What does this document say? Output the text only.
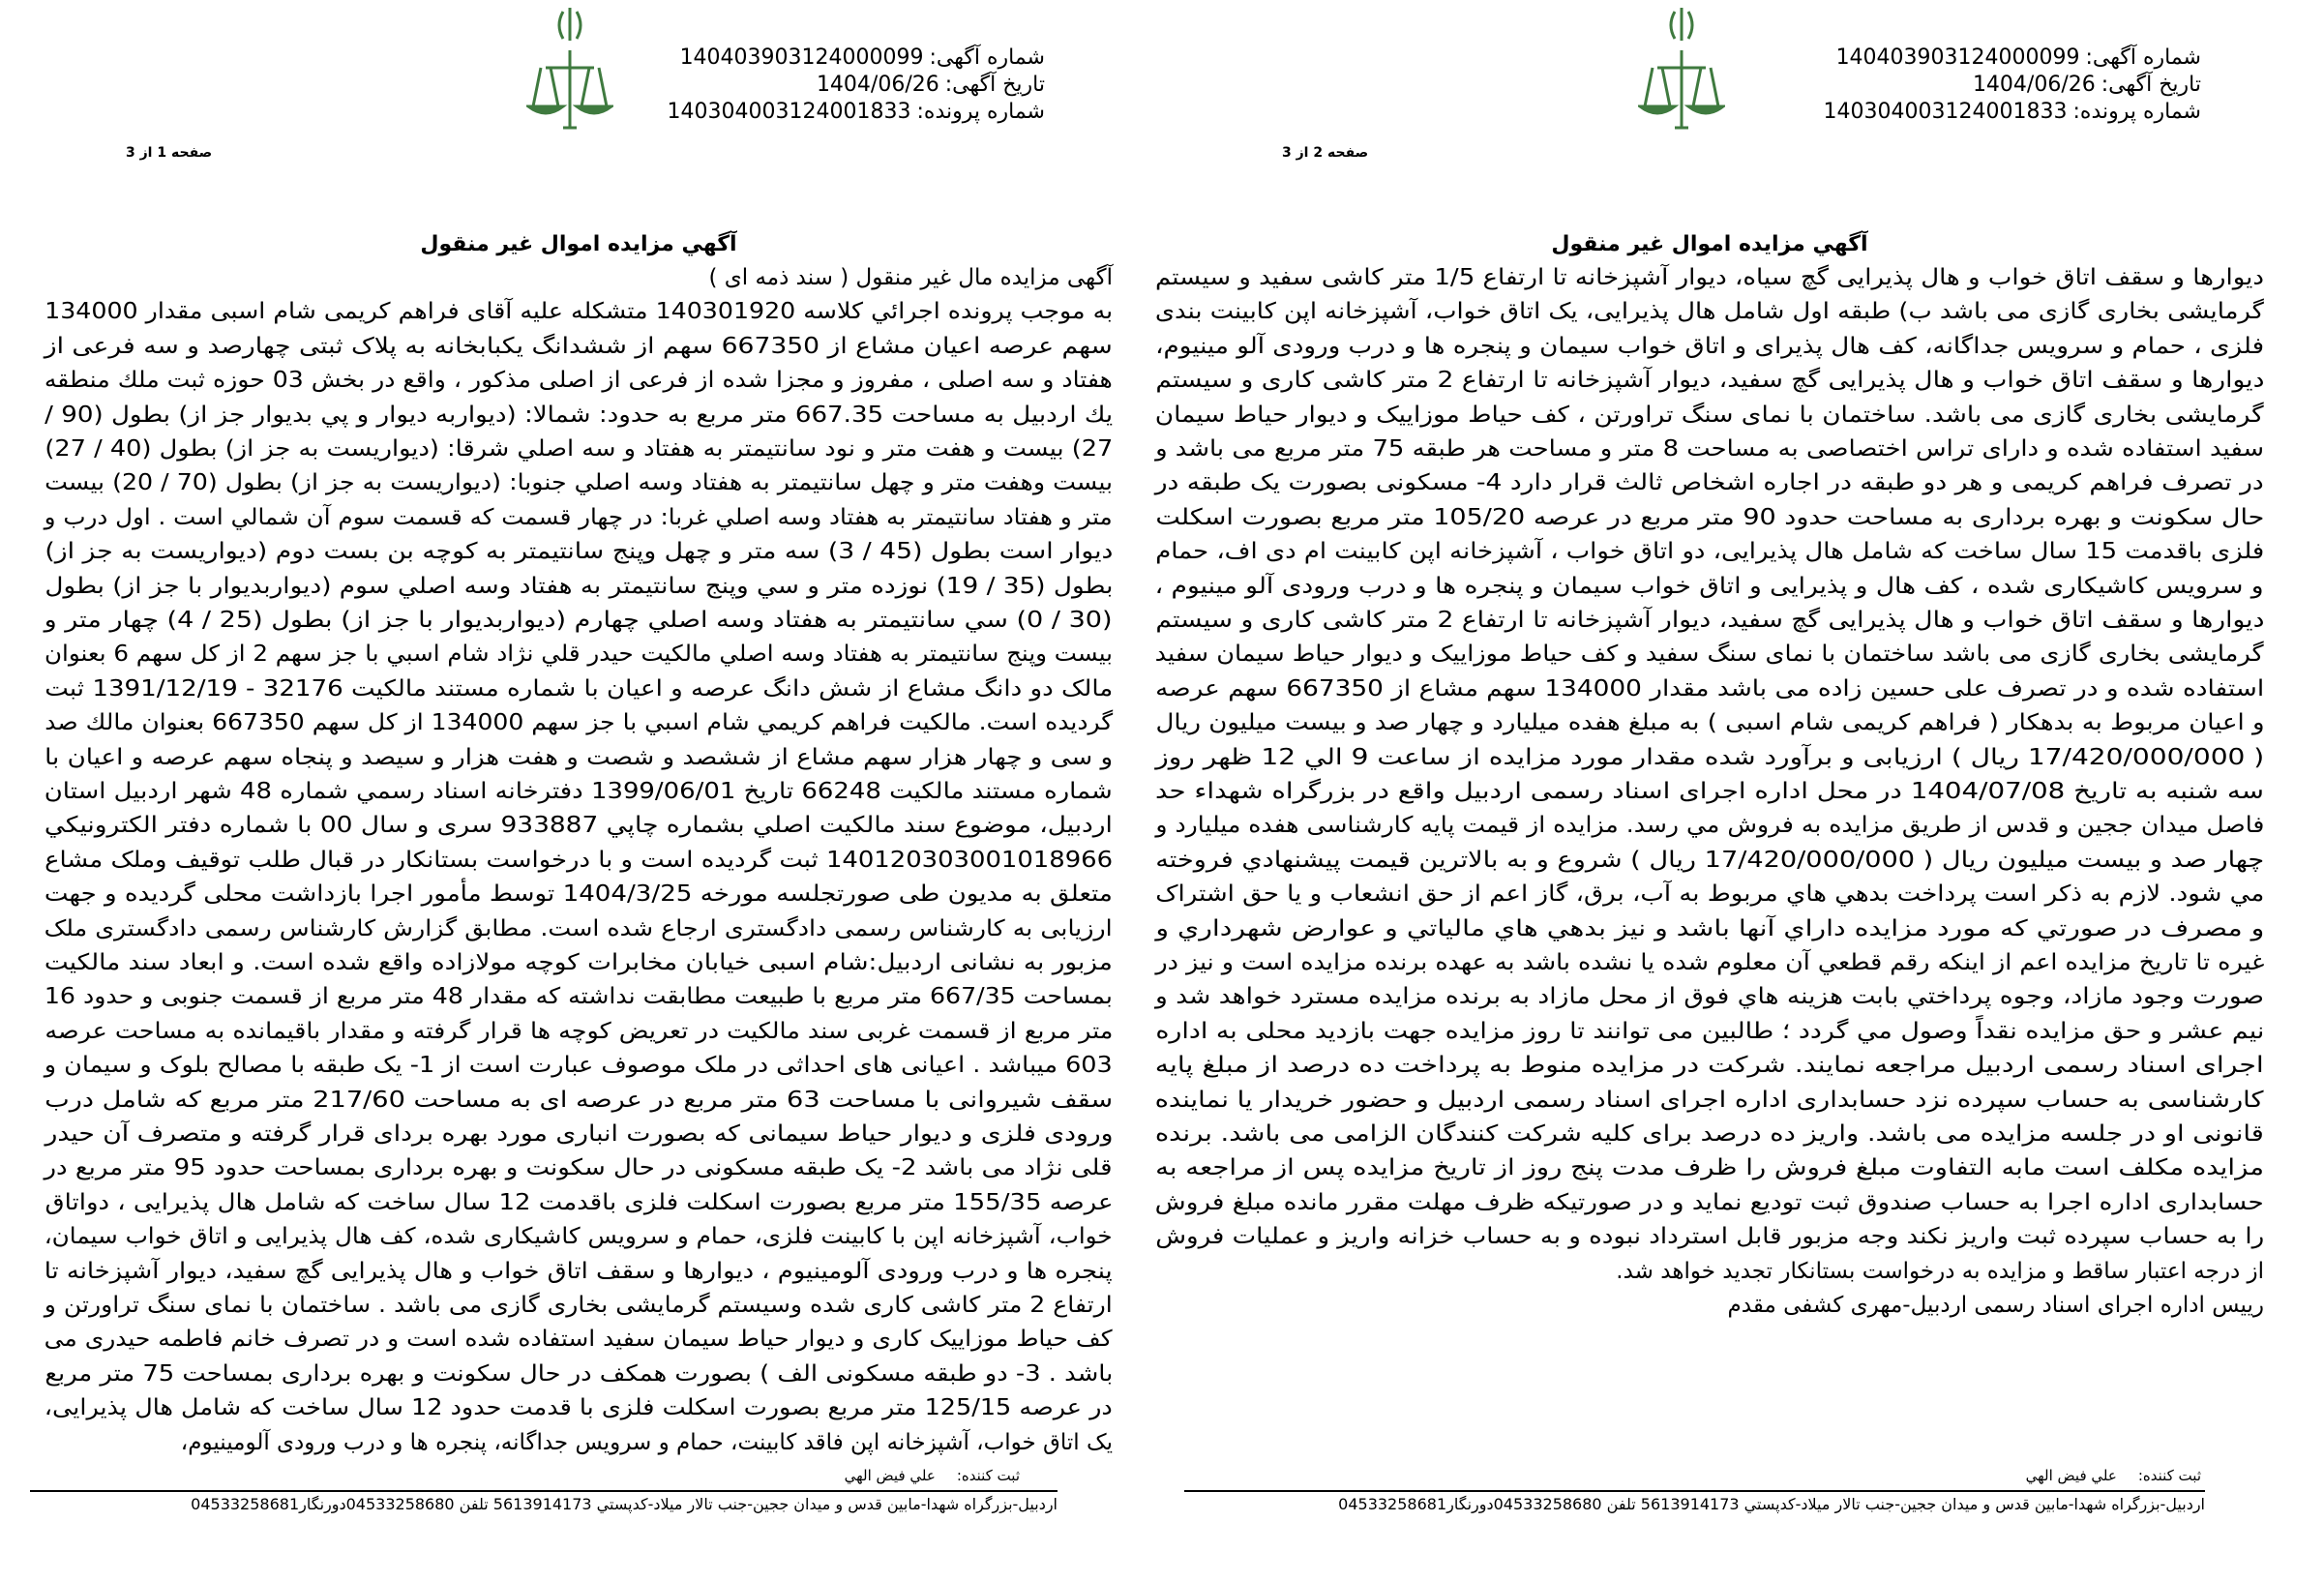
شماره آگهی:140403903124000099
تاریخ آگهی:1404/06/26
شماره پرونده:140304003124001833
صفحه 1 از 3
آگهي مزايده اموال غير منقول
آگهی مزایده مال غیر منقول ( سند ذمه ای )
به موجب پرونده اجرائي کلاسه 140301920 متشکله علیه آقای فراهم کریمی شام اسبی مقدار 134000
سهم عرصه اعیان مشاع از 667350 سهم از ششدانگ یکبابخانه به پلاک ثبتی چهارصد و سه فرعی از
هفتاد و سه اصلی ، مفروز و مجزا شده از فرعی از اصلی مذکور ، واقع در بخش 03 حوزه ثبت ملك منطقه
يك اردبيل به مساحت 667.35 متر مربع به حدود: شمالا: (ديواربه ديوار و پي بديوار جز از) بطول (90 /
27) بيست و هفت متر و نود سانتيمتر به هفتاد و سه اصلي شرقا: (ديواريست به جز از) بطول (40 / 27)
بيست وهفت متر و چهل سانتيمتر به هفتاد وسه اصلي جنوبا: (ديواريست به جز از) بطول (70 / 20) بيست
متر و هفتاد سانتيمتر به هفتاد وسه اصلي غربا: در چهار قسمت كه قسمت سوم آن شمالي است . اول درب و
ديوار است بطول (45 / 3) سه متر و چهل وپنج سانتيمتر به كوچه بن بست دوم (ديواريست به جز از)
بطول (35 / 19) نوزده متر و سي وپنج سانتيمتر به هفتاد وسه اصلي سوم (ديواربديوار با جز از) بطول
(30 / 0) سي سانتيمتر به هفتاد وسه اصلي چهارم (ديواربديوار با جز از) بطول (25 / 4) چهار متر و
بيست وپنج سانتيمتر به هفتاد وسه اصلي مالكيت حيدر قلي نژاد شام اسبي با جز سهم 2 از كل سهم 6 بعنوان
مالک دو دانگ مشاع از شش دانگ عرصه و اعیان با شماره مستند مالکیت 32176 - 1391/12/19 ثبت
گرديده است. مالكيت فراهم كريمي شام اسبي با جز سهم 134000 از كل سهم 667350 بعنوان مالك صد
و سی و چهار هزار سهم مشاع از ششصد و شصت و هفت هزار و سیصد و پنجاه سهم عرصه و اعیان با
شماره مستند مالكيت 66248 تاريخ 1399/06/01 دفترخانه اسناد رسمي شماره 48 شهر اردبيل استان
اردبيل، موضوع سند مالكيت اصلي بشماره چاپي 933887 سری و سال 00 با شماره دفتر الكترونيكي
140120303001018966 ثبت گرديده است و با درخواست بستانكار در قبال طلب توقيف وملک مشاع
متعلق به مدیون طی صورتجلسه مورخه 1404/3/25 توسط مأمور اجرا بازداشت محلی گردیده و جهت
ارزیابی به کارشناس رسمی دادگستری ارجاع شده است. مطابق گزارش کارشناس رسمی دادگستری ملک
مزبور به نشانی اردبیل:شام اسبی خیابان مخابرات کوچه مولازاده واقع شده است. و ابعاد سند مالکیت
بمساحت 667/35 متر مربع با طبیعت مطابقت نداشته که مقدار 48 متر مربع از قسمت جنوبی و حدود 16
متر مربع از قسمت غربی سند مالکیت در تعریض کوچه ها قرار گرفته و مقدار باقیمانده به مساحت عرصه
603 میباشد . اعیانی های احداثی در ملک موصوف عبارت است از 1- یک طبقه با مصالح بلوک و سیمان و
سقف شیروانی با مساحت 63 متر مربع در عرصه ای به مساحت 217/60 متر مربع که شامل درب
ورودی فلزی و دیوار حیاط سیمانی که بصورت انباری مورد بهره بردای قرار گرفته و متصرف آن حیدر
قلی نژاد می باشد 2- یک طبقه مسکونی در حال سکونت و بهره برداری بمساحت حدود 95 متر مربع در
عرصه 155/35 متر مربع بصورت اسکلت فلزی باقدمت 12 سال ساخت که شامل هال پذیرایی ، دواتاق
خواب، آشپزخانه اپن با کابینت فلزی، حمام و سرویس کاشیکاری شده، کف هال پذیرایی و اتاق خواب سیمان،
پنجره ها و درب ورودی آلومینیوم ، دیوارها و سقف اتاق خواب و هال پذیرایی گچ سفید، دیوار آشپزخانه تا
ارتفاع 2 متر کاشی کاری شده وسیستم گرمایشی بخاری گازی می باشد . ساختمان با نمای سنگ تراورتن و
کف حیاط موزاییک کاری و دیوار حیاط سیمان سفید استفاده شده است و در تصرف خانم فاطمه حیدری می
باشد . 3- دو طبقه مسکونی الف ) بصورت همکف در حال سکونت و بهره برداری بمساحت 75 متر مربع
در عرصه 125/15 متر مربع بصورت اسکلت فلزی با قدمت حدود 12 سال ساخت که شامل هال پذیرایی،
یک اتاق خواب، آشپزخانه اپن فاقد کابینت، حمام و سرویس جداگانه، پنجره ها و درب ورودی آلومینیوم،
ثبت کننده:علي فيض الهي
اردبيل-بزرگراه شهدا-مابين قدس و ميدان ججين-جنب تالار ميلاد-كدپستي 5613914173 تلفن 04533258680دورنگار04533258681
شماره آگهی:140403903124000099
تاریخ آگهی:1404/06/26
شماره پرونده:140304003124001833
صفحه 2 از 3
آگهي مزايده اموال غير منقول
دیوارها و سقف اتاق خواب و هال پذیرایی گچ سیاه، دیوار آشپزخانه تا ارتفاع 1/5 متر کاشی سفید و سیستم
گرمایشی بخاری گازی می باشد ب) طبقه اول شامل هال پذیرایی، یک اتاق خواب، آشپزخانه اپن کابینت بندی
فلزی ، حمام و سرویس جداگانه، کف هال پذیرای و اتاق خواب سیمان و پنجره ها و درب ورودی آلو مینیوم،
دیوارها و سقف اتاق خواب و هال پذیرایی گچ سفید، دیوار آشپزخانه تا ارتفاع 2 متر کاشی کاری و سیستم
گرمایشی بخاری گازی می باشد. ساختمان با نمای سنگ تراورتن ، کف حیاط موزاییک و دیوار حیاط سیمان
سفید استفاده شده و دارای تراس اختصاصی به مساحت 8 متر و مساحت هر طبقه 75 متر مربع می باشد و
در تصرف فراهم کریمی و هر دو طبقه در اجاره اشخاص ثالث قرار دارد 4- مسکونی بصورت یک طبقه در
حال سکونت و بهره برداری به مساحت حدود 90 متر مربع در عرصه 105/20 متر مربع بصورت اسکلت
فلزی باقدمت 15 سال ساخت که شامل هال پذیرایی، دو اتاق خواب ، آشپزخانه اپن کابینت ام دی اف، حمام
و سرویس کاشیکاری شده ، کف هال و پذیرایی و اتاق خواب سیمان و پنجره ها و درب ورودی آلو مینیوم ،
دیوارها و سقف اتاق خواب و هال پذیرایی گچ سفید، دیوار آشپزخانه تا ارتفاع 2 متر کاشی کاری و سیستم
گرمایشی بخاری گازی می باشد ساختمان با نمای سنگ سفید و کف حیاط موزاییک و دیوار حیاط سیمان سفید
استفاده شده و در تصرف علی حسین زاده می باشد مقدار 134000 سهم مشاع از 667350 سهم عرصه
و اعیان مربوط به بدهکار ( فراهم کریمی شام اسبی ) به مبلغ هفده میلیارد و چهار صد و بیست میلیون ریال
( 17/420/000/000 ریال ) ارزیابی و برآورد شده مقدار مورد مزایده از ساعت 9 الي 12 ظهر روز
سه شنبه به تاریخ 1404/07/08 در محل اداره اجرای اسناد رسمی اردبیل واقع در بزرگراه شهداء حد
فاصل میدان ججین و قدس از طریق مزایده به فروش مي رسد. مزایده از قیمت پایه کارشناسی هفده میلیارد و
چهار صد و بیست میلیون ریال ( 17/420/000/000 ریال ) شروع و به بالاترین قیمت پیشنهادي فروخته
مي شود. لازم به ذکر است پرداخت بدهي هاي مربوط به آب، برق، گاز اعم از حق انشعاب و یا حق اشتراک
و مصرف در صورتي که مورد مزایده داراي آنها باشد و نیز بدهي هاي مالیاتي و عوارض شهرداري و
غیره تا تاریخ مزایده اعم از اینکه رقم قطعي آن معلوم شده یا نشده باشد به عهده برنده مزایده است و نیز در
صورت وجود مازاد، وجوه پرداختي بابت هزینه هاي فوق از محل مازاد به برنده مزایده مسترد خواهد شد و
نیم عشر و حق مزایده نقداً وصول مي گردد ؛ طالبین می توانند تا روز مزایده جهت بازدید محلی به اداره
اجرای اسناد رسمی اردبیل مراجعه نمایند. شرکت در مزایده منوط به پرداخت ده درصد از مبلغ پایه
کارشناسی به حساب سپرده نزد حسابداری اداره اجرای اسناد رسمی اردبیل و حضور خریدار یا نماینده
قانونی او در جلسه مزایده می باشد. واریز ده درصد برای کلیه شرکت کنندگان الزامی می باشد. برنده
مزایده مکلف است مابه التفاوت مبلغ فروش را ظرف مدت پنج روز از تاریخ مزایده پس از مراجعه به
حسابداری اداره اجرا به حساب صندوق ثبت تودیع نماید و در صورتیکه ظرف مهلت مقرر مانده مبلغ فروش
را به حساب سپرده ثبت واریز نکند وجه مزبور قابل استرداد نبوده و به حساب خزانه واریز و عملیات فروش
از درجه اعتبار ساقط و مزایده به درخواست بستانکار تجدید خواهد شد.
رییس اداره اجرای اسناد رسمی اردبیل-مهری کشفی مقدم
ثبت کننده:علي فيض الهي
اردبيل-بزرگراه شهدا-مابين قدس و ميدان ججين-جنب تالار ميلاد-كدپستي 5613914173 تلفن 04533258680دورنگار04533258681
